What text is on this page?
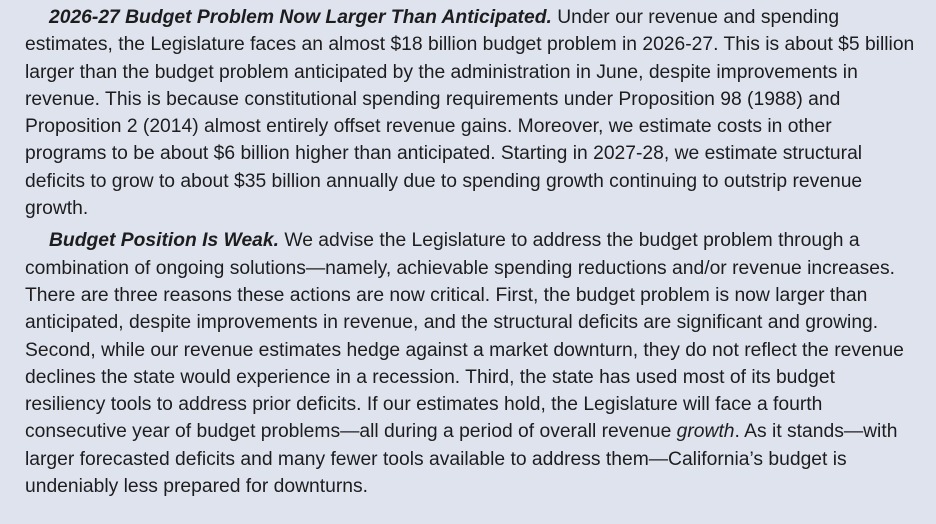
2026-27 Budget Problem Now Larger Than Anticipated. Under our revenue and spending estimates, the Legislature faces an almost $18 billion budget problem in 2026-27. This is about $5 billion larger than the budget problem anticipated by the administration in June, despite improvements in revenue. This is because constitutional spending requirements under Proposition 98 (1988) and Proposition 2 (2014) almost entirely offset revenue gains. Moreover, we estimate costs in other programs to be about $6 billion higher than anticipated. Starting in 2027-28, we estimate structural deficits to grow to about $35 billion annually due to spending growth continuing to outstrip revenue growth.

Budget Position Is Weak. We advise the Legislature to address the budget problem through a combination of ongoing solutions—namely, achievable spending reductions and/or revenue increases. There are three reasons these actions are now critical. First, the budget problem is now larger than anticipated, despite improvements in revenue, and the structural deficits are significant and growing. Second, while our revenue estimates hedge against a market downturn, they do not reflect the revenue declines the state would experience in a recession. Third, the state has used most of its budget resiliency tools to address prior deficits. If our estimates hold, the Legislature will face a fourth consecutive year of budget problems—all during a period of overall revenue growth. As it stands—with larger forecasted deficits and many fewer tools available to address them—California’s budget is undeniably less prepared for downturns.
